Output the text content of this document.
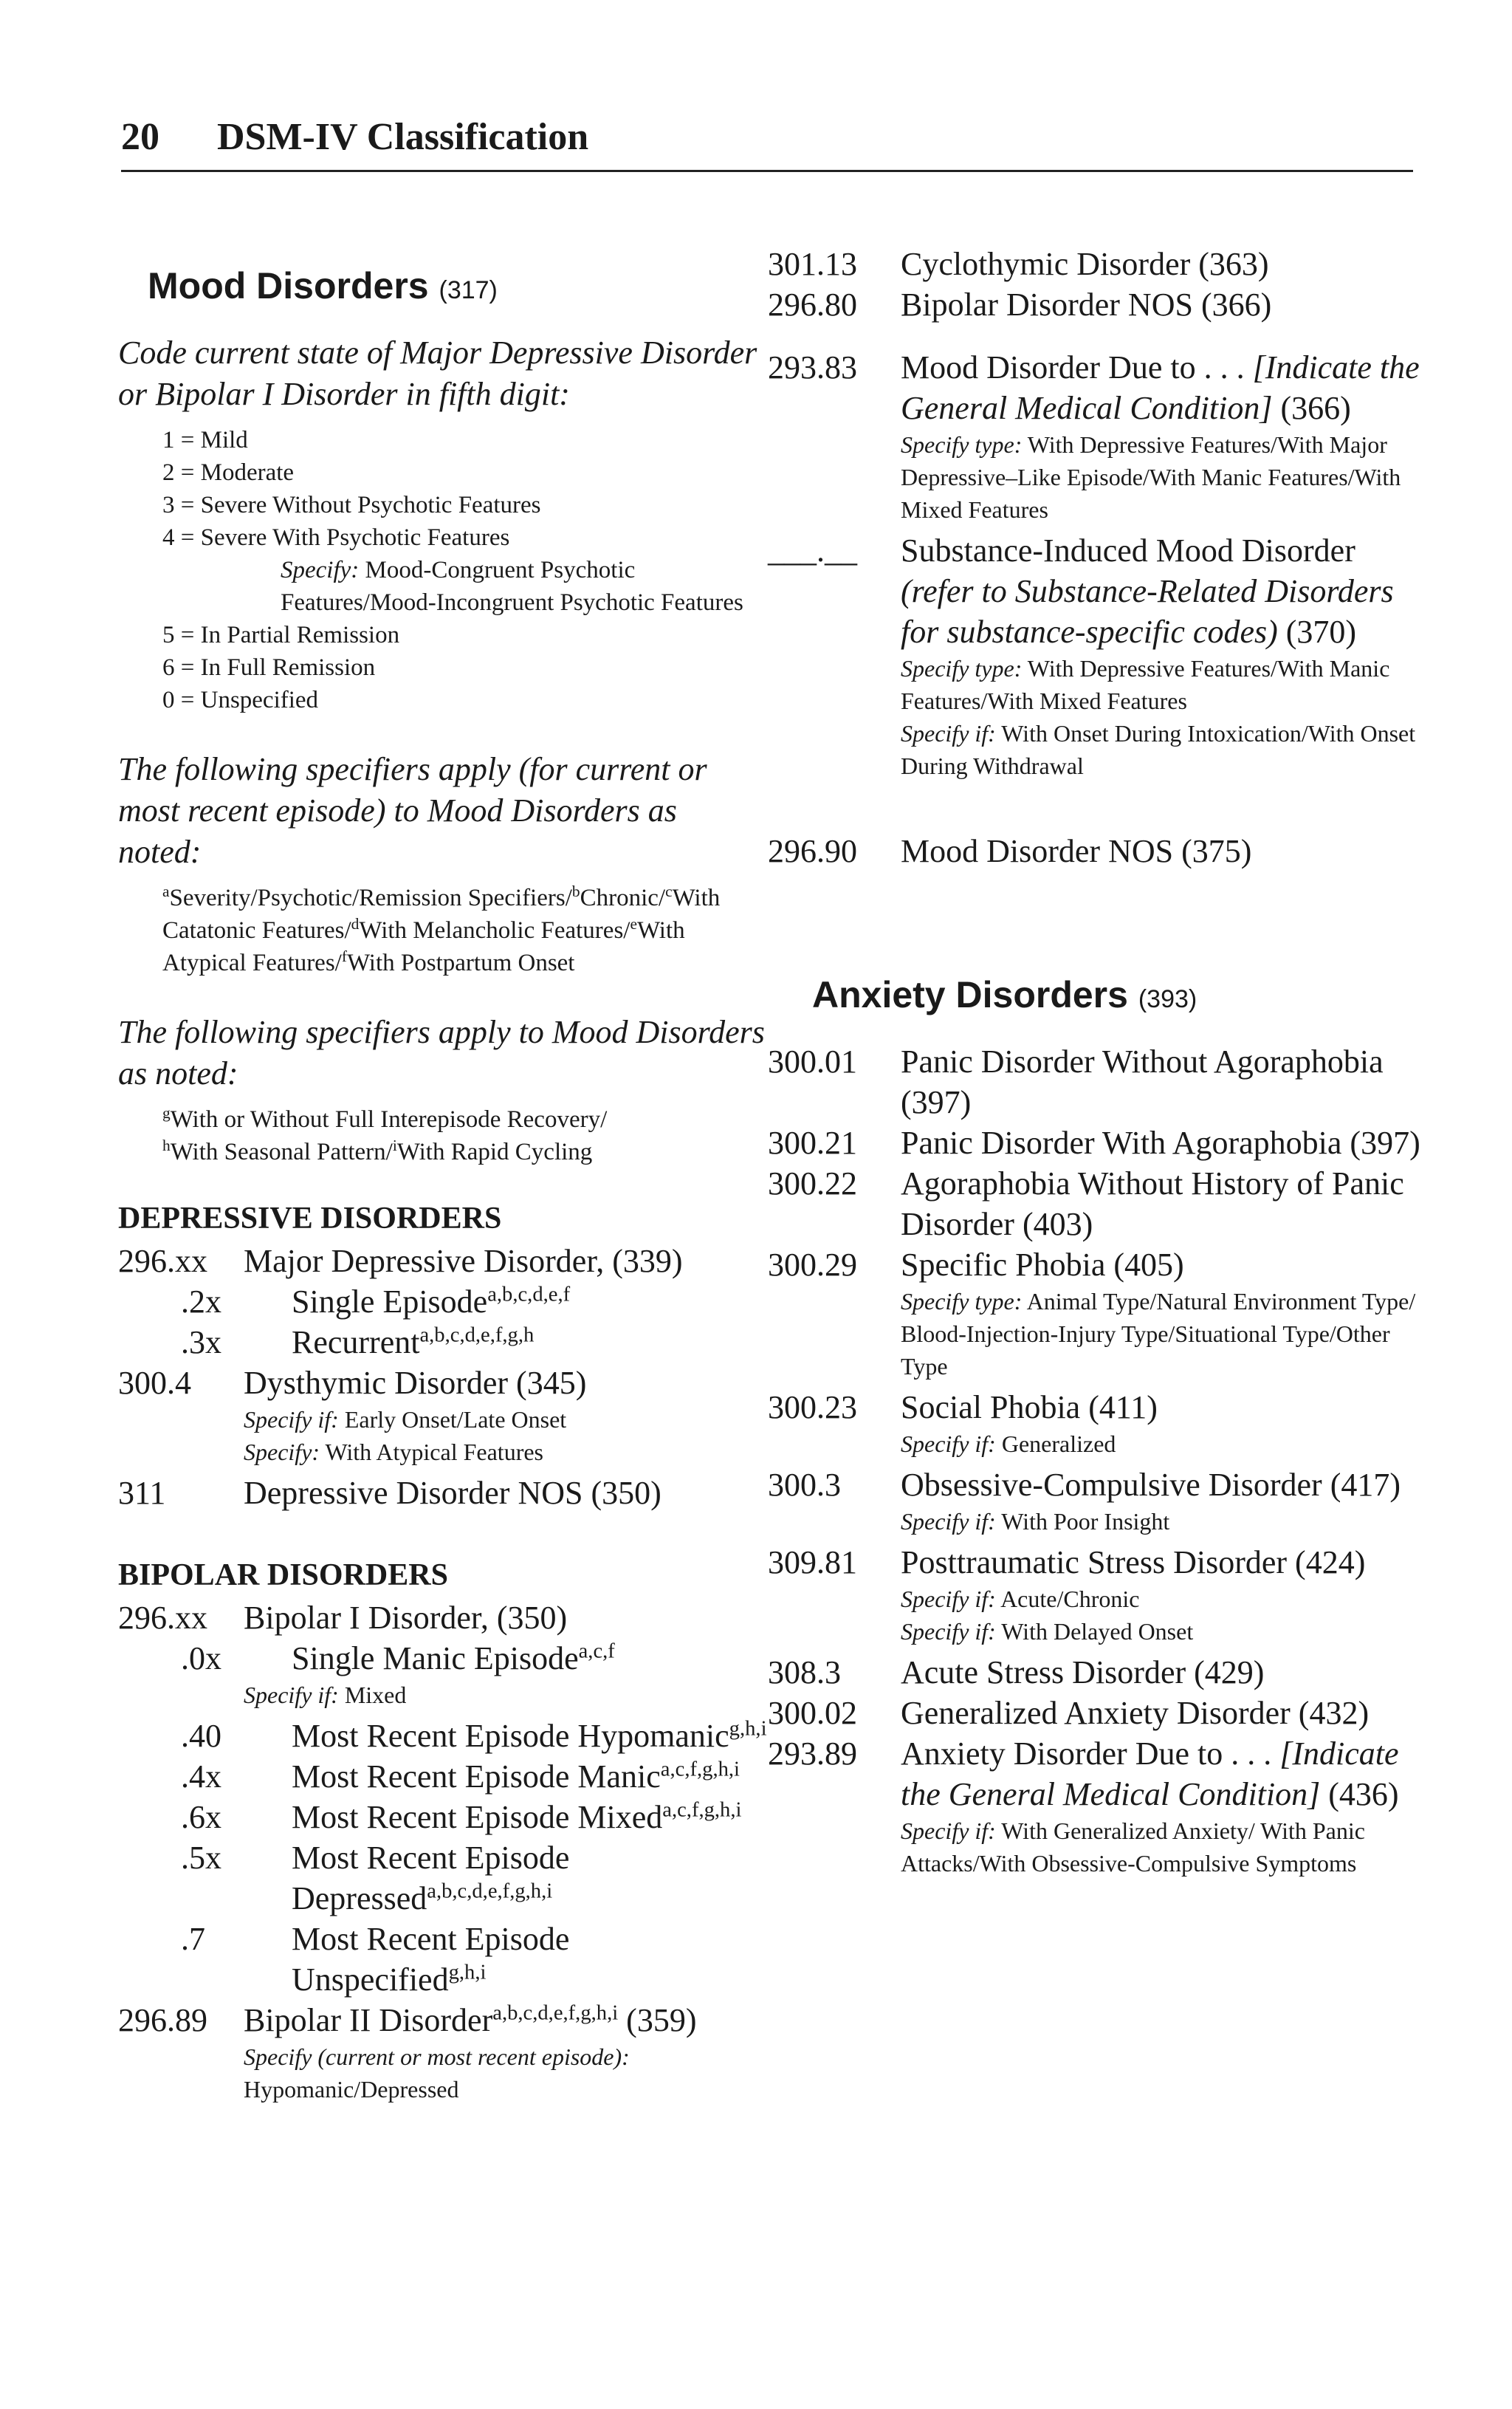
20 DSM-IV Classification
Mood Disorders (317)
Code current state of Major Depressive Disorder or Bipolar I Disorder in fifth digit:
1 = Mild
2 = Moderate
3 = Severe Without Psychotic Features
4 = Severe With Psychotic Features
Specify: Mood-Congruent Psychotic Features/Mood-Incongruent Psychotic Features
5 = In Partial Remission
6 = In Full Remission
0 = Unspecified
The following specifiers apply (for current or most recent episode) to Mood Disorders as noted:
$^a$Severity/Psychotic/Remission Specifiers/$^b$Chronic/$^c$With Catatonic Features/$^d$With Melancholic Features/$^e$With Atypical Features/$^f$With Postpartum Onset
The following specifiers apply to Mood Disorders as noted:
$^g$With or Without Full Interepisode Recovery/
$^h$With Seasonal Pattern/$^i$With Rapid Cycling
DEPRESSIVE DISORDERS
296.xx	Major Depressive Disorder, (339)
.2x	Single Episode$^{a,b,c,d,e,f}$
.3x	Recurrent$^{a,b,c,d,e,f,g,h}$
300.4	Dysthymic Disorder (345)
Specify if: Early Onset/Late Onset
Specify: With Atypical Features
311	Depressive Disorder NOS (350)
BIPOLAR DISORDERS
296.xx	Bipolar I Disorder, (350)
.0x	Single Manic Episode$^{a,c,f}$
Specify if: Mixed
.40	Most Recent Episode Hypomanic$^{g,h,i}$
.4x	Most Recent Episode Manic$^{a,c,f,g,h,i}$
.6x	Most Recent Episode Mixed$^{a,c,f,g,h,i}$
.5x	Most Recent Episode Depressed$^{a,b,c,d,e,f,g,h,i}$
.7	Most Recent Episode Unspecified$^{g,h,i}$
296.89	Bipolar II Disorder$^{a,b,c,d,e,f,g,h,i}$ (359)
Specify (current or most recent episode): Hypomanic/Depressed
301.13	Cyclothymic Disorder (363)
296.80	Bipolar Disorder NOS (366)
293.83	Mood Disorder Due to . . . [Indicate the General Medical Condition] (366)
Specify type: With Depressive Features/With Major Depressive–Like Episode/With Manic Features/With Mixed Features
___.__	Substance-Induced Mood Disorder (refer to Substance-Related Disorders for substance-specific codes) (370)
Specify type: With Depressive Features/With Manic Features/With Mixed Features
Specify if: With Onset During Intoxication/With Onset During Withdrawal
296.90	Mood Disorder NOS (375)
Anxiety Disorders (393)
300.01	Panic Disorder Without Agoraphobia (397)
300.21	Panic Disorder With Agoraphobia (397)
300.22	Agoraphobia Without History of Panic Disorder (403)
300.29	Specific Phobia (405)
Specify type: Animal Type/Natural Environment Type/ Blood-Injection-Injury Type/Situational Type/Other Type
300.23	Social Phobia (411)
Specify if: Generalized
300.3	Obsessive-Compulsive Disorder (417)
Specify if: With Poor Insight
309.81	Posttraumatic Stress Disorder (424)
Specify if: Acute/Chronic
Specify if: With Delayed Onset
308.3	Acute Stress Disorder (429)
300.02	Generalized Anxiety Disorder (432)
293.89	Anxiety Disorder Due to . . . [Indicate the General Medical Condition] (436)
Specify if: With Generalized Anxiety/ With Panic Attacks/With Obsessive-Compulsive Symptoms
